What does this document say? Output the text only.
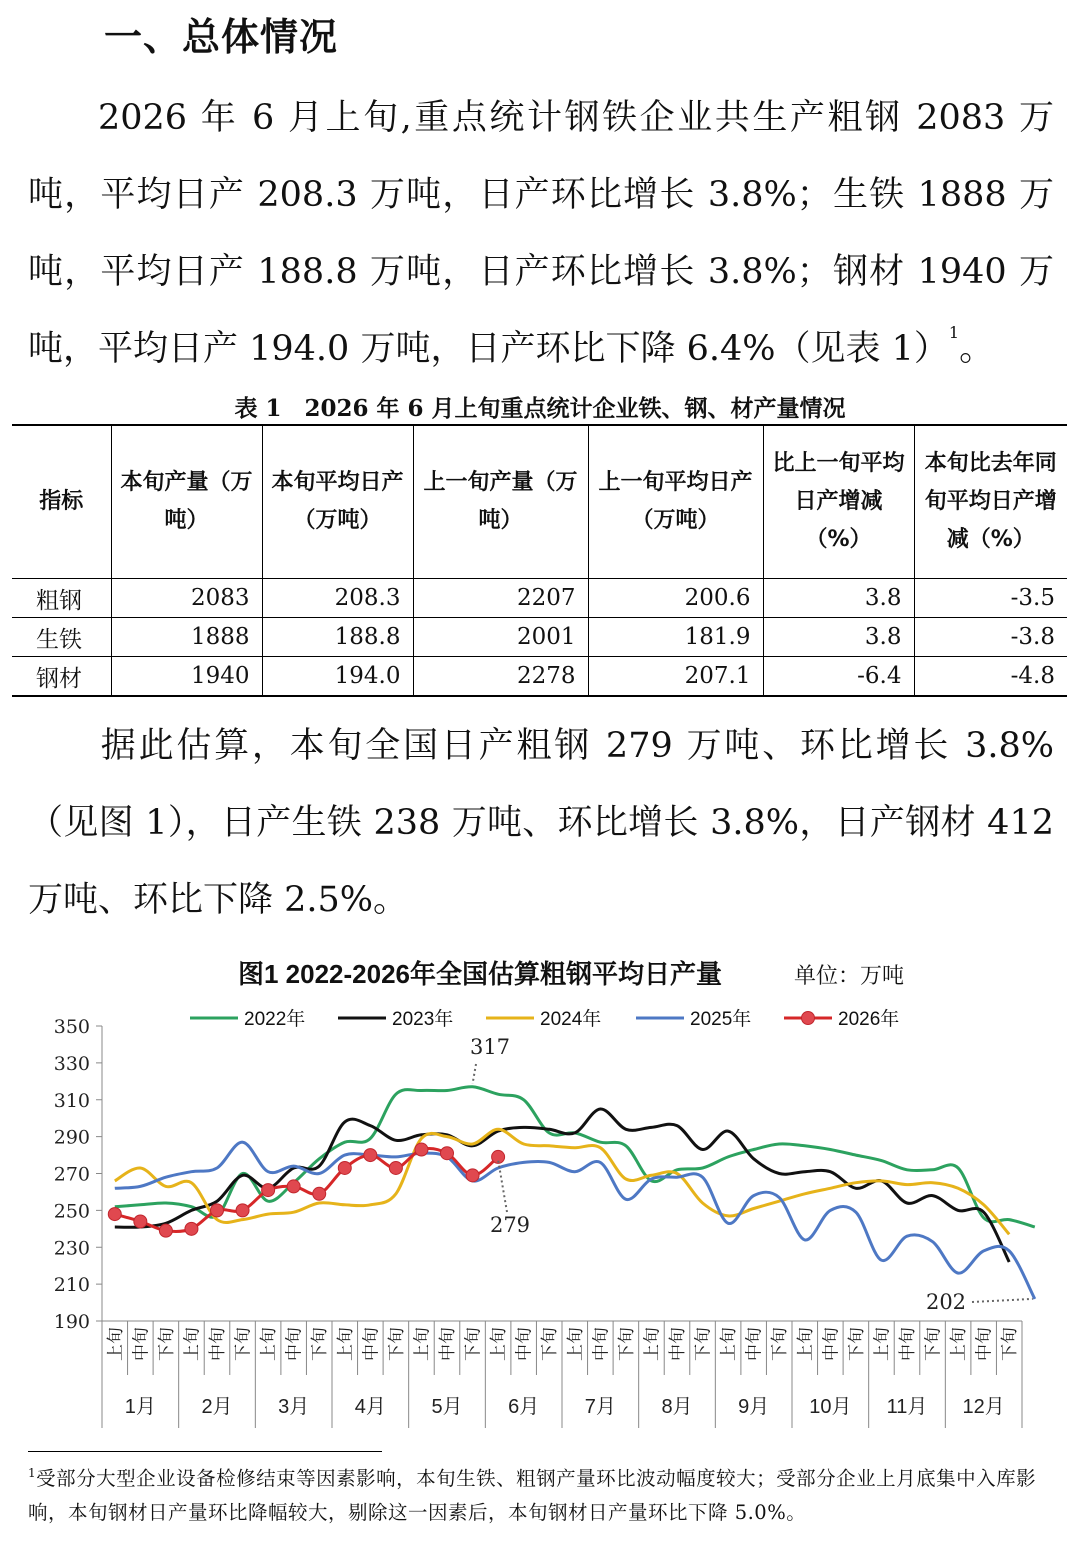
一、总体情况

2026 年 6 月上旬,重点统计钢铁企业共生产粗钢 2083 万吨，平均日产 208.3 万吨，日产环比增长 3.8%；生铁 1888 万吨，平均日产 188.8 万吨，日产环比增长 3.8%；钢材 1940 万吨，平均日产 194.0 万吨，日产环比下降 6.4%（见表 1）$^1$。

表 1　2026 年 6 月上旬重点统计企业铁、钢、材产量情况
指标	本旬产量（万吨）	本旬平均日产（万吨）	上一旬产量（万吨）	上一旬平均日产（万吨）	比上一旬平均日产增减（%）	本旬比去年同旬平均日产增减（%）
粗钢	2083	208.3	2207	200.6	3.8	-3.5
生铁	1888	188.8	2001	181.9	3.8	-3.8
钢材	1940	194.0	2278	207.1	-6.4	-4.8

据此估算，本旬全国日产粗钢 279 万吨、环比增长 3.8%（见图 1），日产生铁 238 万吨、环比增长 3.8%，日产钢材 412 万吨、环比下降 2.5%。

图1 2022-2026年全国估算粗钢平均日产量	单位：万吨
2022年	2023年	2024年	2025年	2026年
190
210
230
250
270
290
310
330
350
上旬 中旬 下旬 上旬 中旬 下旬 上旬 中旬 下旬 上旬 中旬 下旬 上旬 中旬 下旬 上旬 中旬 下旬 上旬 中旬 下旬 上旬 中旬 下旬 上旬 中旬 下旬 上旬 中旬 下旬 上旬 中旬 下旬 上旬 中旬 下旬
1月 2月 3月 4月 5月 6月 7月 8月 9月 10月 11月 12月
317
279
202

$^1$受部分大型企业设备检修结束等因素影响，本旬生铁、粗钢产量环比波动幅度较大；受部分企业上月底集中入库影响，本旬钢材日产量环比降幅较大，剔除这一因素后，本旬钢材日产量环比下降 5.0%。
